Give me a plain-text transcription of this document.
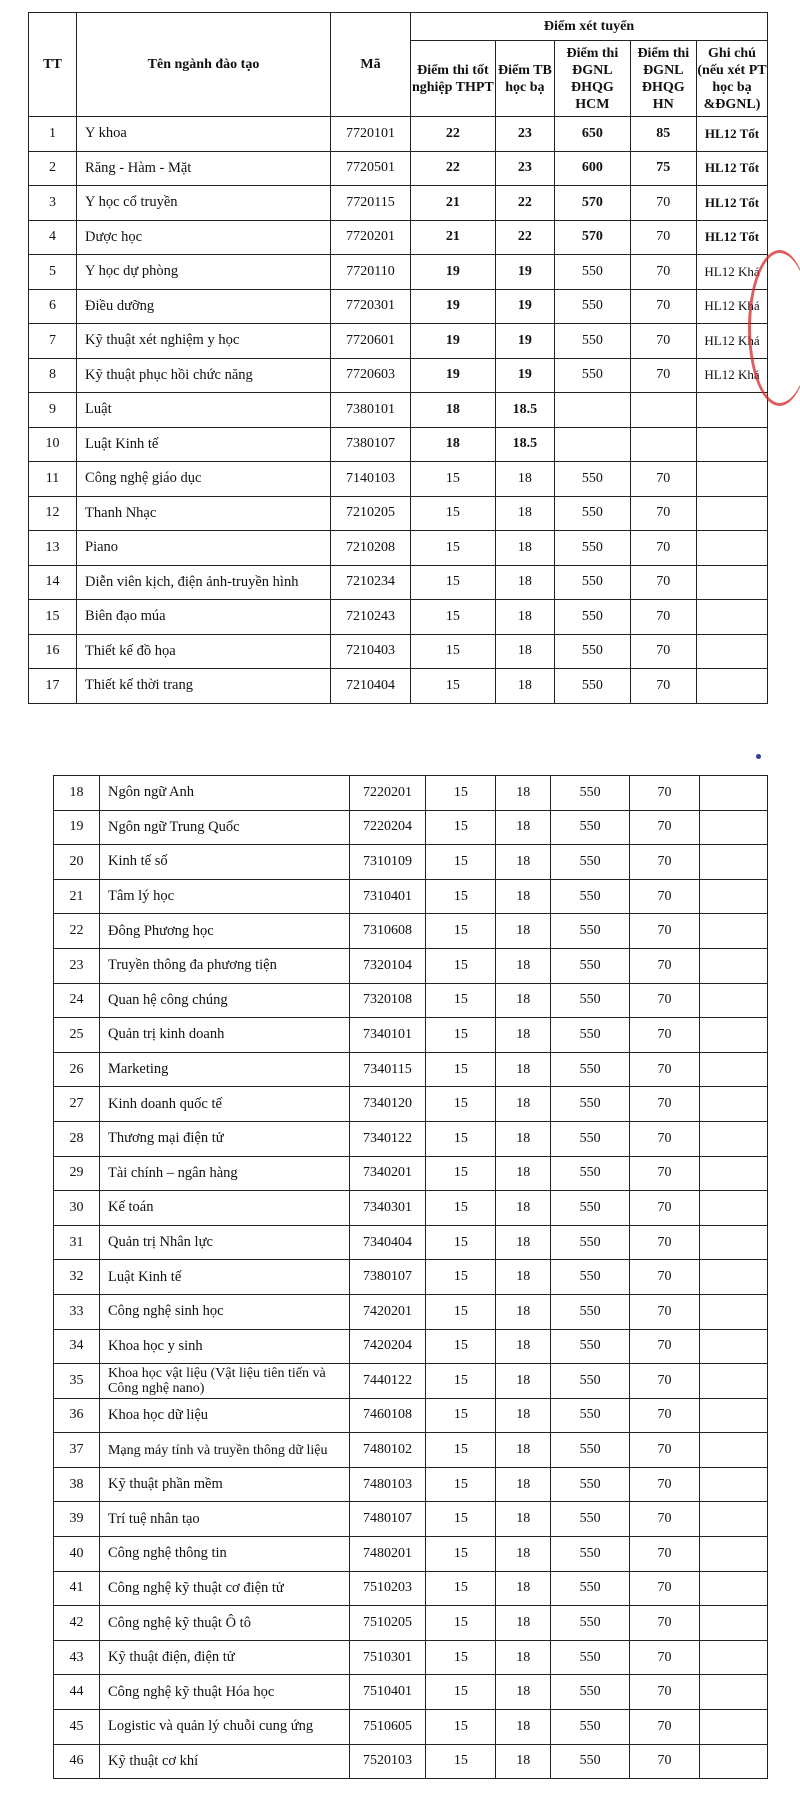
TT	Tên ngành đào tạo	Mã	Điểm xét tuyển				
			Điểm thi tốt nghiệp THPT	Điểm TB học bạ	Điểm thi ĐGNL ĐHQG HCM	Điểm thi ĐGNL ĐHQG HN	Ghi chú (nếu xét PT học bạ &ĐGNL)
1	Y khoa	7720101	22	23	650	85	HL12 Tốt
2	Răng - Hàm - Mặt	7720501	22	23	600	75	HL12 Tốt
3	Y học cổ truyền	7720115	21	22	570	70	HL12 Tốt
4	Dược học	7720201	21	22	570	70	HL12 Tốt
5	Y học dự phòng	7720110	19	19	550	70	HL12 Khá
6	Điều dưỡng	7720301	19	19	550	70	HL12 Khá
7	Kỹ thuật xét nghiệm y học	7720601	19	19	550	70	HL12 Khá
8	Kỹ thuật phục hồi chức năng	7720603	19	19	550	70	HL12 Khá
9	Luật	7380101	18	18.5			
10	Luật Kinh tế	7380107	18	18.5			
11	Công nghệ giáo dục	7140103	15	18	550	70	
12	Thanh Nhạc	7210205	15	18	550	70	
13	Piano	7210208	15	18	550	70	
14	Diễn viên kịch, điện ảnh-truyền hình	7210234	15	18	550	70	
15	Biên đạo múa	7210243	15	18	550	70	
16	Thiết kế đồ họa	7210403	15	18	550	70	
17	Thiết kế thời trang	7210404	15	18	550	70	
18	Ngôn ngữ Anh	7220201	15	18	550	70	
19	Ngôn ngữ Trung Quốc	7220204	15	18	550	70	
20	Kinh tế số	7310109	15	18	550	70	
21	Tâm lý học	7310401	15	18	550	70	
22	Đông Phương học	7310608	15	18	550	70	
23	Truyền thông đa phương tiện	7320104	15	18	550	70	
24	Quan hệ công chúng	7320108	15	18	550	70	
25	Quản trị kinh doanh	7340101	15	18	550	70	
26	Marketing	7340115	15	18	550	70	
27	Kinh doanh quốc tế	7340120	15	18	550	70	
28	Thương mại điện tử	7340122	15	18	550	70	
29	Tài chính – ngân hàng	7340201	15	18	550	70	
30	Kế toán	7340301	15	18	550	70	
31	Quản trị Nhân lực	7340404	15	18	550	70	
32	Luật Kinh tế	7380107	15	18	550	70	
33	Công nghệ sinh học	7420201	15	18	550	70	
34	Khoa học y sinh	7420204	15	18	550	70	
35	Khoa học vật liệu (Vật liệu tiên tiến và Công nghệ nano)	7440122	15	18	550	70	
36	Khoa học dữ liệu	7460108	15	18	550	70	
37	Mạng máy tính và truyền thông dữ liệu	7480102	15	18	550	70	
38	Kỹ thuật phần mềm	7480103	15	18	550	70	
39	Trí tuệ nhân tạo	7480107	15	18	550	70	
40	Công nghệ thông tin	7480201	15	18	550	70	
41	Công nghệ kỹ thuật cơ điện tử	7510203	15	18	550	70	
42	Công nghệ kỹ thuật Ô tô	7510205	15	18	550	70	
43	Kỹ thuật điện, điện tử	7510301	15	18	550	70	
44	Công nghệ kỹ thuật Hóa học	7510401	15	18	550	70	
45	Logistic và quản lý chuỗi cung ứng	7510605	15	18	550	70	
46	Kỹ thuật cơ khí	7520103	15	18	550	70	
